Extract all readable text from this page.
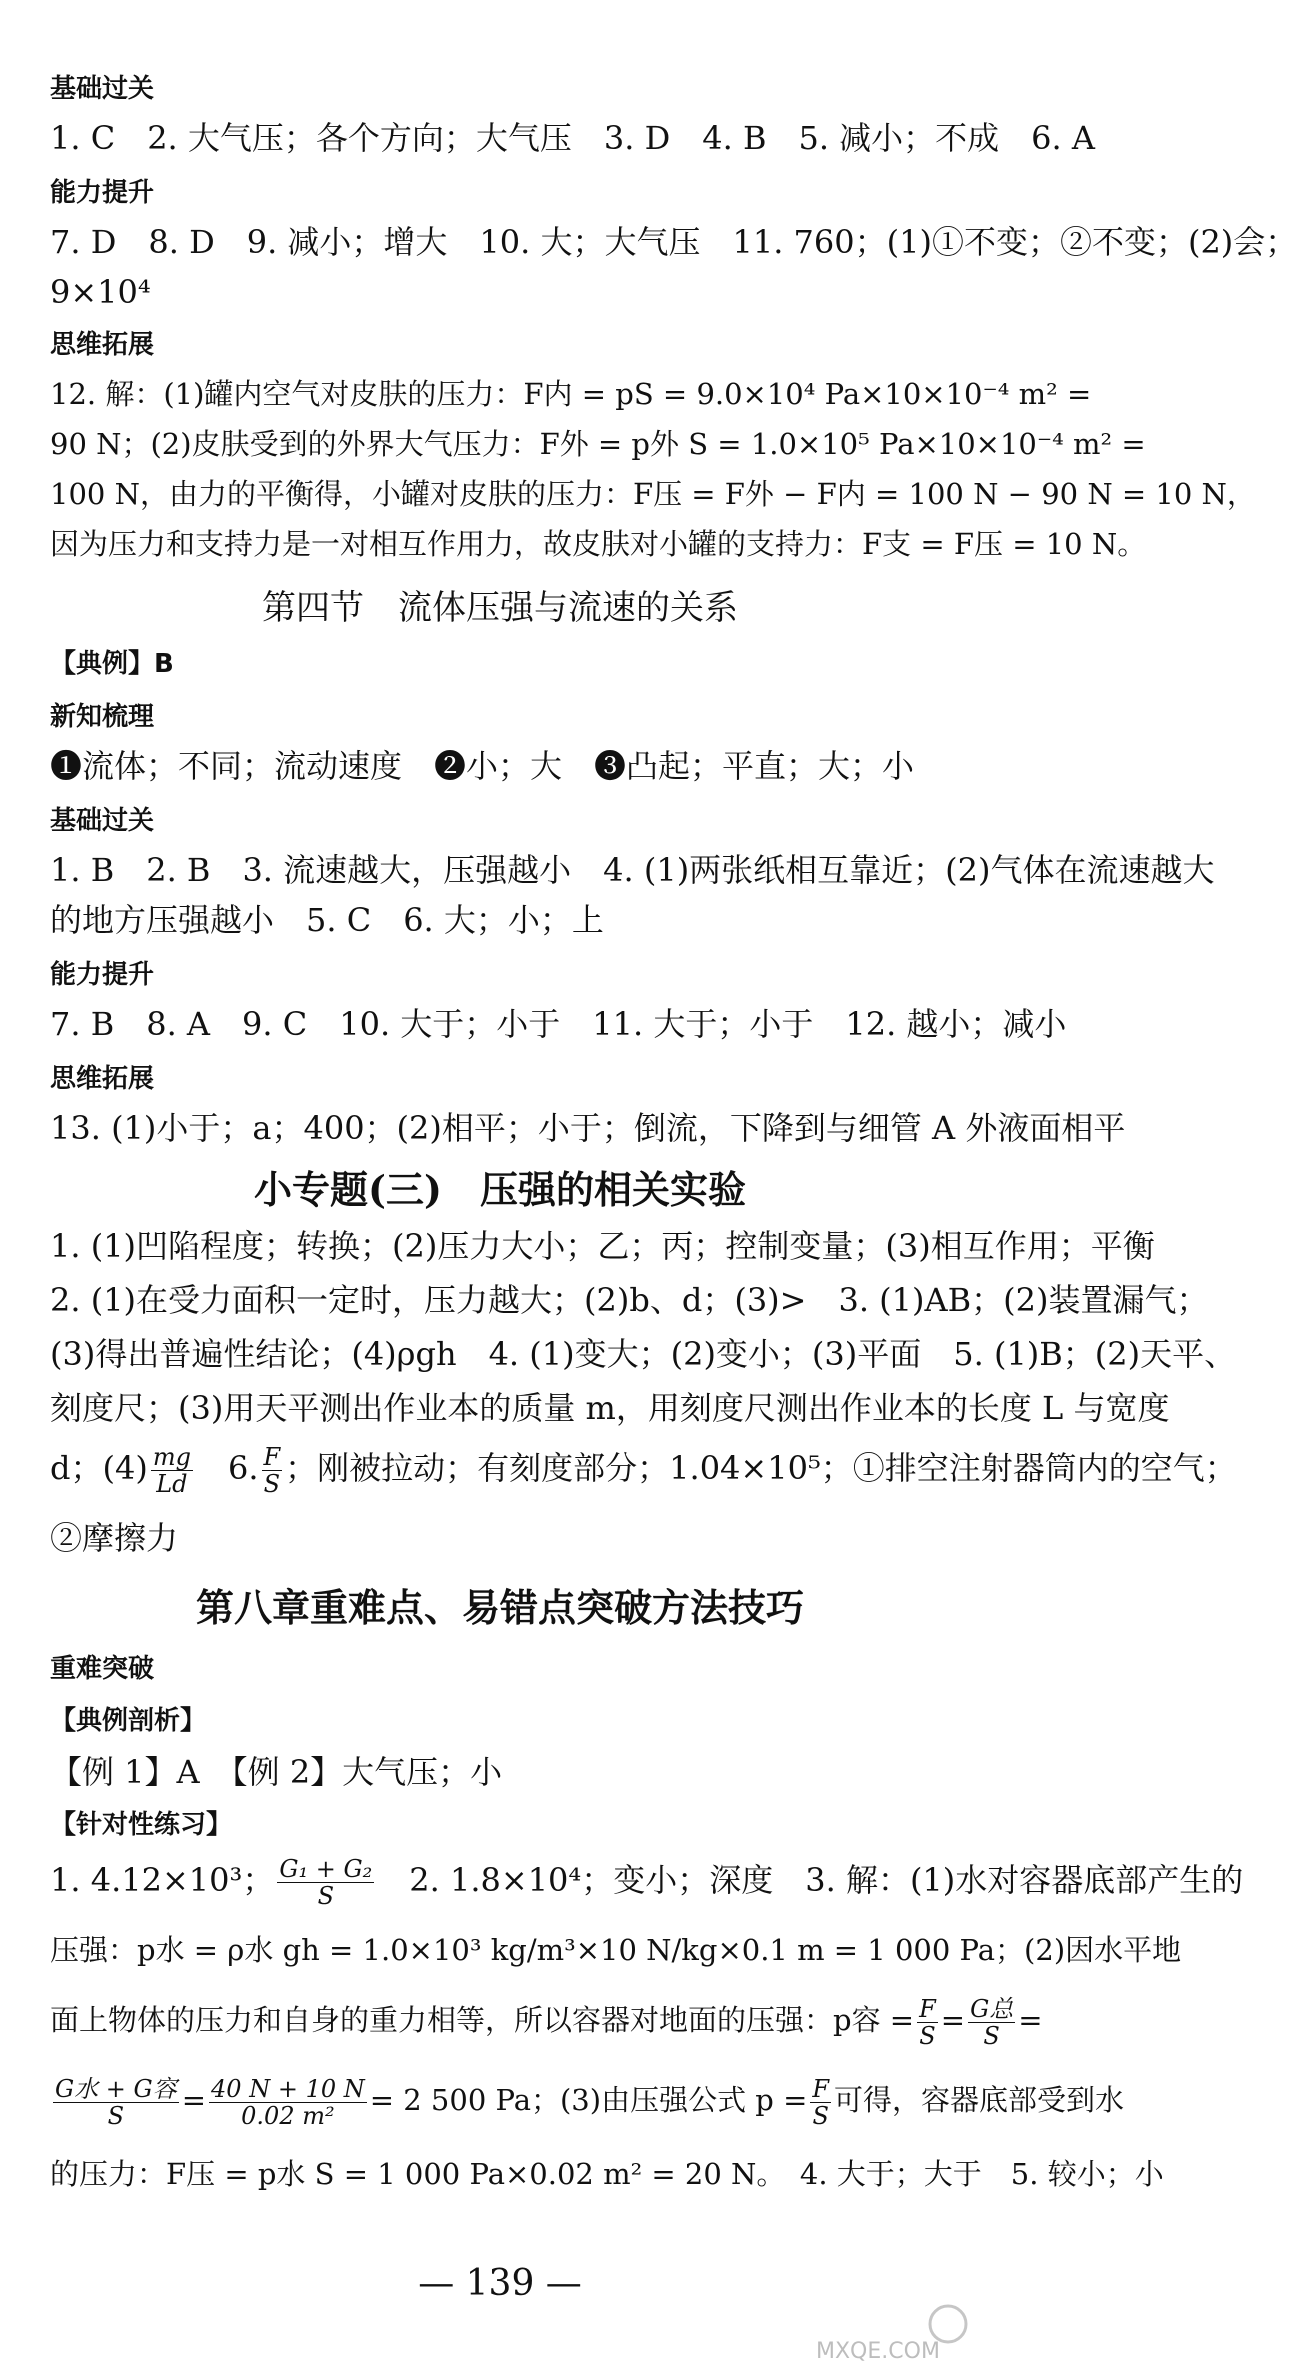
基础过关
1. C　2. 大气压；各个方向；大气压　3. D　4. B　5. 减小；不成　6. A
能力提升
7. D　8. D　9. 减小；增大　10. 大；大气压　11. 760；(1)①不变；②不变；(2)会；
9×10⁴
思维拓展
12. 解：(1)罐内空气对皮肤的压力：F内 = pS = 9.0×10⁴ Pa×10×10⁻⁴ m² =
90 N；(2)皮肤受到的外界大气压力：F外 = p外 S = 1.0×10⁵ Pa×10×10⁻⁴ m² =
100 N，由力的平衡得，小罐对皮肤的压力：F压 = F外 − F内 = 100 N − 90 N = 10 N，
因为压力和支持力是一对相互作用力，故皮肤对小罐的支持力：F支 = F压 = 10 N。
第四节　流体压强与流速的关系
【典例】B
新知梳理
❶流体；不同；流动速度　❷小；大　❸凸起；平直；大；小
基础过关
1. B　2. B　3. 流速越大，压强越小　4. (1)两张纸相互靠近；(2)气体在流速越大
的地方压强越小　5. C　6. 大；小；上
能力提升
7. B　8. A　9. C　10. 大于；小于　11. 大于；小于　12. 越小；减小
思维拓展
13. (1)小于；a；400；(2)相平；小于；倒流，下降到与细管 A 外液面相平
小专题(三)　压强的相关实验
1. (1)凹陷程度；转换；(2)压力大小；乙；丙；控制变量；(3)相互作用；平衡
2. (1)在受力面积一定时，压力越大；(2)b、d；(3)>　3. (1)AB；(2)装置漏气；
(3)得出普遍性结论；(4)ρgh　4. (1)变大；(2)变小；(3)平面　5. (1)B；(2)天平、
刻度尺；(3)用天平测出作业本的质量 m，用刻度尺测出作业本的长度 L 与宽度
d；$(4) \frac{mg}{Ld}$ 　6. $\frac{F}{S}$ ；刚被拉动；有刻度部分；1.04×10⁵；①排空注射器筒内的空气；
②摩擦力
第八章重难点、易错点突破方法技巧
重难突破
【典例剖析】
【例 1】A　【例 2】大气压；小
【针对性练习】
1. 4.12×10³； $\frac{\text{G₁ + G₂}}{S}$ 　2. 1.8×10⁴；变小；深度　3. 解：(1)水对容器底部产生的
压强：p水 = ρ水 gh = 1.0×10³ kg/m³×10 N/kg×0.1 m = 1 000 Pa；(2)因水平地
面上物体的压力和自身的重力相等，所以容器对地面的压强：p容 = $\frac{F}{S} = \frac{\text{G总}}{S}$ =
$\frac{\text{G水 + G容}}{S} = \frac{40 N + 10 N}{\text{0.02 m²}} = 2$ 500 Pa；(3)由压强公式 $p = \frac{F}{S}$ 可得，容器底部受到水
的压力：F压 = p水 S = 1 000 Pa×0.02 m² = 20 N。　4. 大于；大于　5. 较小；小
— 139 —
MXQE.COM
